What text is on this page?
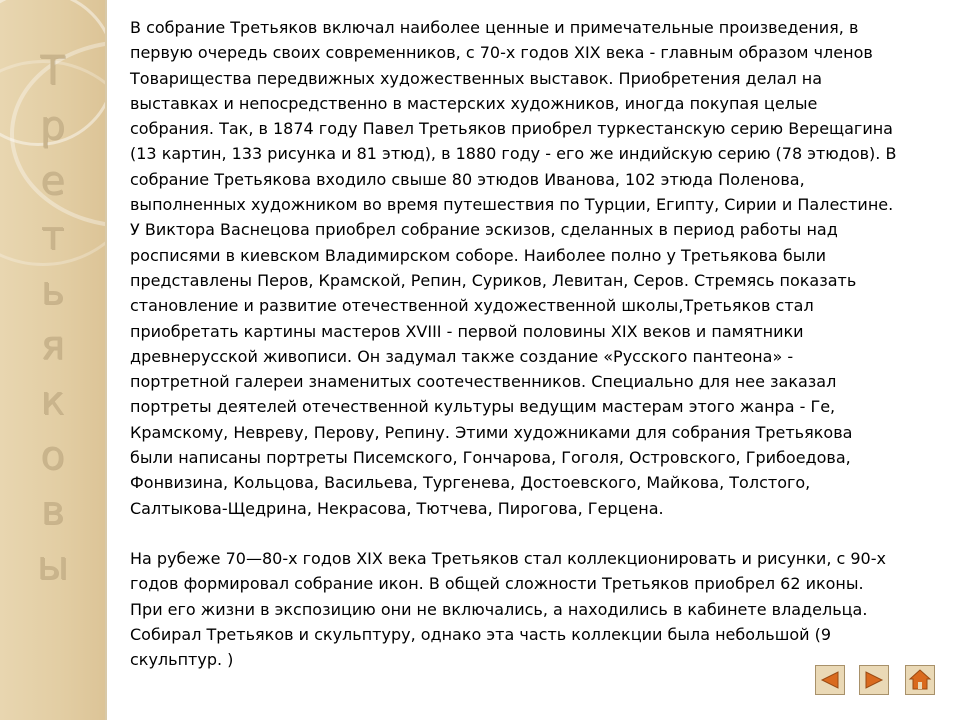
Т
р
е
т
ь
я
к
о
в
ы

В собрание Третьяков включал наиболее ценные и примечательные произведения, в
первую очередь своих современников, с 70-х годов XIX века - главным образом членов
Товарищества передвижных художественных выставок. Приобретения делал на
выставках и непосредственно в мастерских художников, иногда покупая целые
собрания. Так, в 1874 году Павел Третьяков приобрел туркестанскую серию Верещагина
(13 картин, 133 рисунка и 81 этюд), в 1880 году - его же индийскую серию (78 этюдов). В
собрание Третьякова входило свыше 80 этюдов Иванова, 102 этюда Поленова,
выполненных художником во время путешествия по Турции, Египту, Сирии и Палестине.
У Виктора Васнецова приобрел собрание эскизов, сделанных в период работы над
росписями в киевском Владимирском соборе. Наиболее полно у Третьякова были
представлены Перов, Крамской, Репин, Суриков, Левитан, Серов. Стремясь показать
становление и развитие отечественной художественной школы,Третьяков стал
приобретать картины мастеров XVIII - первой половины XIX веков и памятники
древнерусской живописи. Он задумал также создание «Русского пантеона» -
портретной галереи знаменитых соотечественников. Специально для нее заказал
портреты деятелей отечественной культуры ведущим мастерам этого жанра - Ге,
Крамскому, Невреву, Перову, Репину. Этими художниками для собрания Третьякова
были написаны портреты Писемского, Гончарова, Гоголя, Островского, Грибоедова,
Фонвизина, Кольцова, Васильева, Тургенева, Достоевского, Майкова, Толстого,
Салтыкова-Щедрина, Некрасова, Тютчева, Пирогова, Герцена.

На рубеже 70—80-х годов XIX века Третьяков стал коллекционировать и рисунки, с 90-х
годов формировал собрание икон. В общей сложности Третьяков приобрел 62 иконы.
При его жизни в экспозицию они не включались, а находились в кабинете владельца.
Собирал Третьяков и скульптуру, однако эта часть коллекции была небольшой (9
скульптур. )
